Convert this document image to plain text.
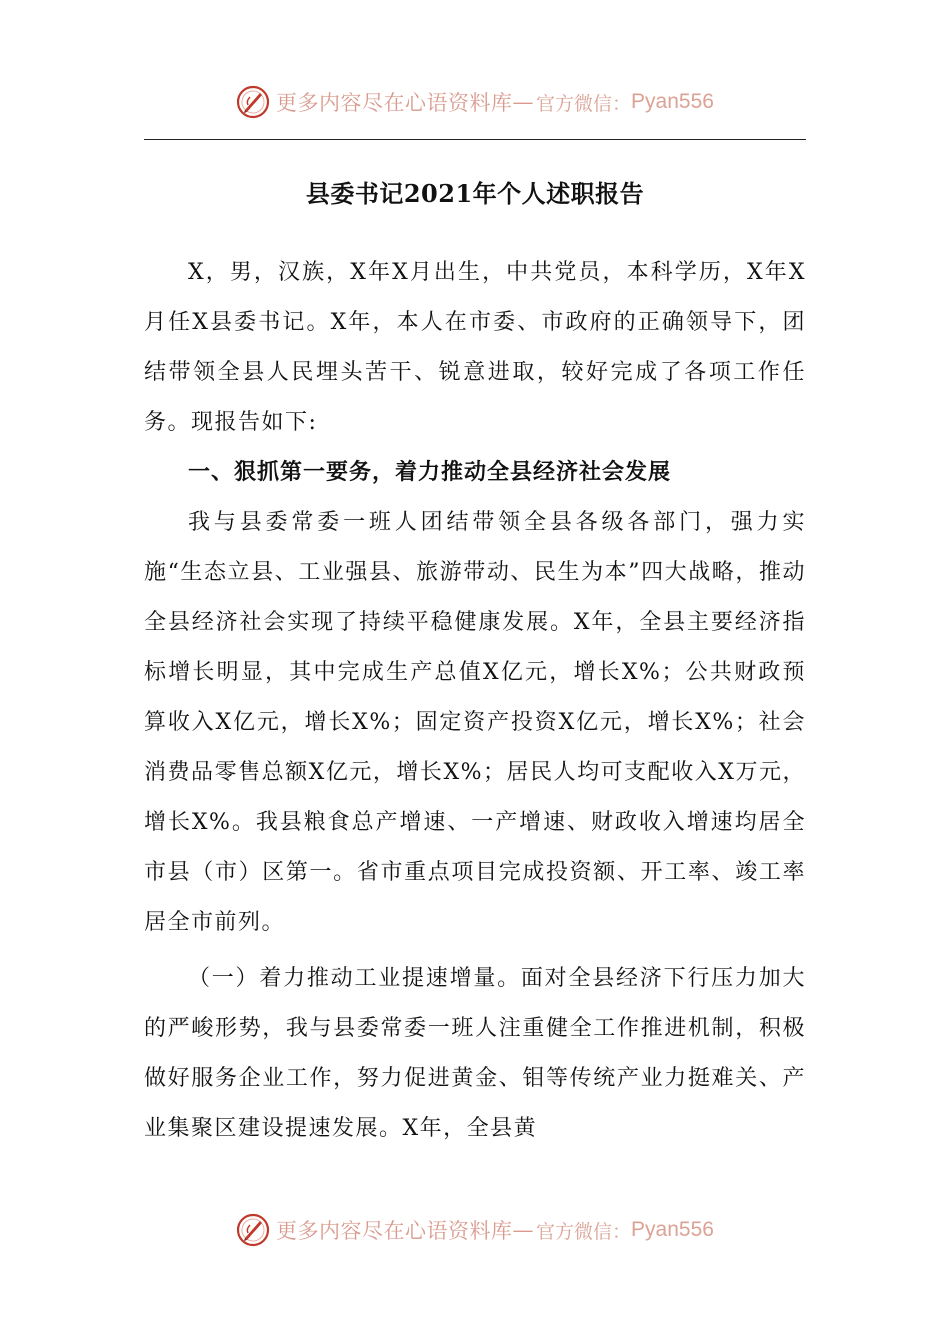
更多内容尽在心语资料库 — 官方微信： Pyan556
县委书记2021年个人述职报告

X，男，汉族，X年X月出生，中共党员，本科学历，X年X月任X县委书记。X年，本人在市委、市政府的正确领导下，团结带领全县人民埋头苦干、锐意进取，较好完成了各项工作任务。现报告如下:

一、狠抓第一要务，着力推动全县经济社会发展

我与县委常委一班人团结带领全县各级各部门，强力实施“生态立县、工业强县、旅游带动、民生为本”四大战略，推动全县经济社会实现了持续平稳健康发展。X年，全县主要经济指标增长明显，其中完成生产总值X亿元，增长X%；公共财政预算收入X亿元，增长X%；固定资产投资X亿元，增长X%；社会消费品零售总额X亿元，增长X%；居民人均可支配收入X万元，增长X%。我县粮食总产增速、一产增速、财政收入增速均居全市县（市）区第一。省市重点项目完成投资额、开工率、竣工率居全市前列。

（一）着力推动工业提速增量。面对全县经济下行压力加大的严峻形势，我与县委常委一班人注重健全工作推进机制，积极做好服务企业工作，努力促进黄金、钼等传统产业力挺难关、产业集聚区建设提速发展。X年，全县黄

更多内容尽在心语资料库 — 官方微信： Pyan556
